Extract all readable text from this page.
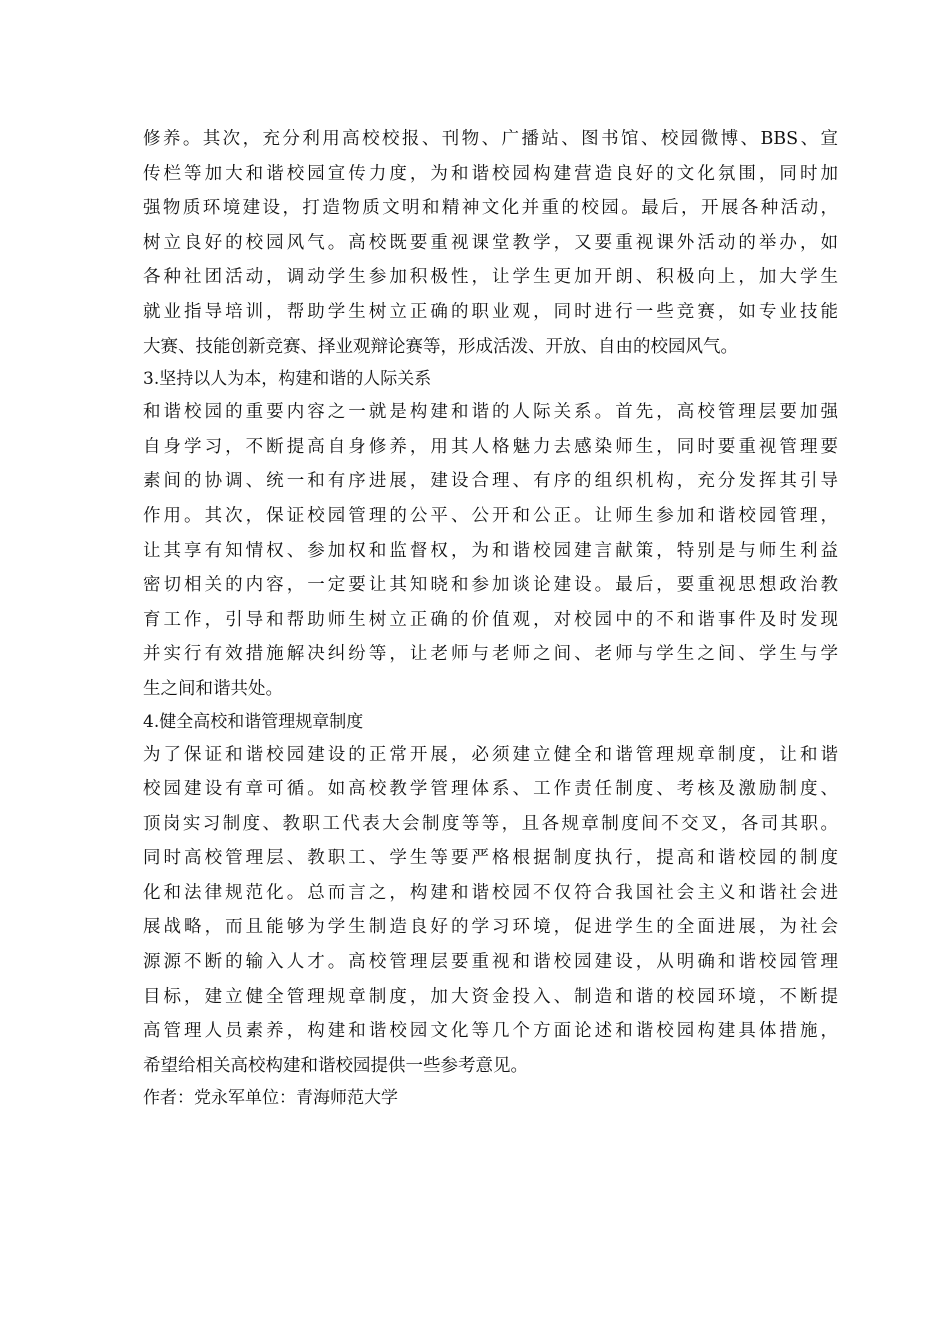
修养。其次，充分利用高校校报、刊物、广播站、图书馆、校园微博、BBS、宣
传栏等加大和谐校园宣传力度，为和谐校园构建营造良好的文化氛围，同时加
强物质环境建设，打造物质文明和精神文化并重的校园。最后，开展各种活动，
树立良好的校园风气。高校既要重视课堂教学，又要重视课外活动的举办，如
各种社团活动，调动学生参加积极性，让学生更加开朗、积极向上，加大学生
就业指导培训，帮助学生树立正确的职业观，同时进行一些竞赛，如专业技能
大赛、技能创新竞赛、择业观辩论赛等，形成活泼、开放、自由的校园风气。
3.坚持以人为本，构建和谐的人际关系
和谐校园的重要内容之一就是构建和谐的人际关系。首先，高校管理层要加强
自身学习，不断提高自身修养，用其人格魅力去感染师生，同时要重视管理要
素间的协调、统一和有序进展，建设合理、有序的组织机构，充分发挥其引导
作用。其次，保证校园管理的公平、公开和公正。让师生参加和谐校园管理，
让其享有知情权、参加权和监督权，为和谐校园建言献策，特别是与师生利益
密切相关的内容，一定要让其知晓和参加谈论建设。最后，要重视思想政治教
育工作，引导和帮助师生树立正确的价值观，对校园中的不和谐事件及时发现
并实行有效措施解决纠纷等，让老师与老师之间、老师与学生之间、学生与学
生之间和谐共处。
4.健全高校和谐管理规章制度
为了保证和谐校园建设的正常开展，必须建立健全和谐管理规章制度，让和谐
校园建设有章可循。如高校教学管理体系、工作责任制度、考核及激励制度、
顶岗实习制度、教职工代表大会制度等等，且各规章制度间不交叉，各司其职。
同时高校管理层、教职工、学生等要严格根据制度执行，提高和谐校园的制度
化和法律规范化。总而言之，构建和谐校园不仅符合我国社会主义和谐社会进
展战略，而且能够为学生制造良好的学习环境，促进学生的全面进展，为社会
源源不断的输入人才。高校管理层要重视和谐校园建设，从明确和谐校园管理
目标，建立健全管理规章制度，加大资金投入、制造和谐的校园环境，不断提
高管理人员素养，构建和谐校园文化等几个方面论述和谐校园构建具体措施，
希望给相关高校构建和谐校园提供一些参考意见。
作者：党永军单位：青海师范大学
